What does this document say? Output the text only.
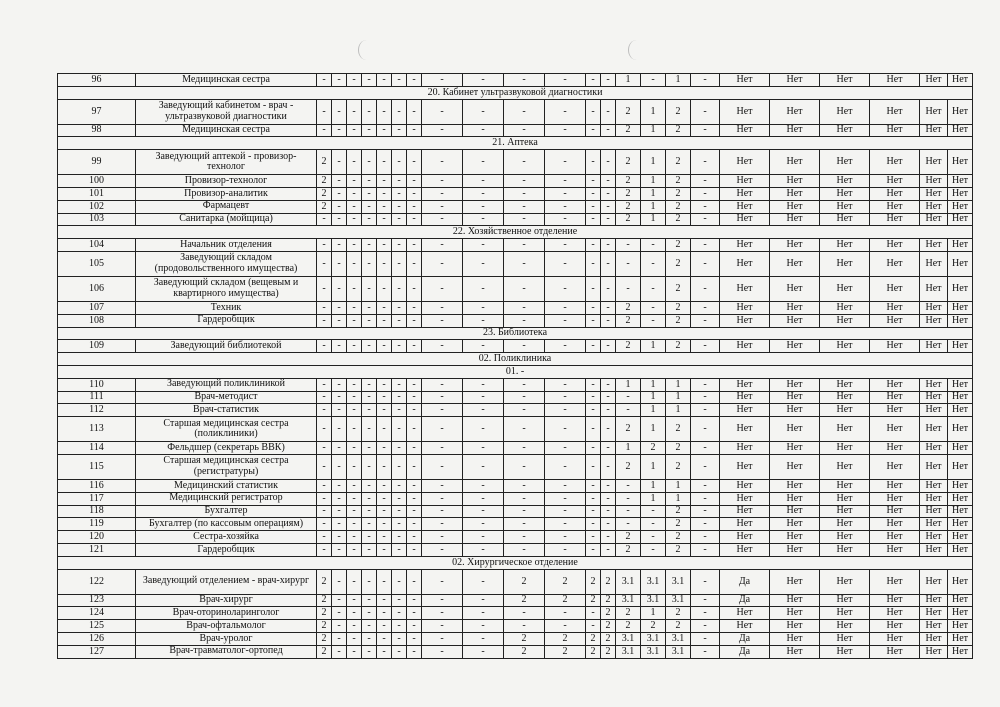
96	Медицинская сестра	-	-	-	-	-	-	-	-	-	-	-	-	-	1	-	1	-	Нет	Нет	Нет	Нет	Нет	Нет
20. Кабинет ультразвуковой диагностики																								
97	Заведующий кабинетом - врач - ультразвуковой диагностики	-	-	-	-	-	-	-	-	-	-	-	-	-	2	1	2	-	Нет	Нет	Нет	Нет	Нет	Нет
98	Медицинская сестра	-	-	-	-	-	-	-	-	-	-	-	-	-	2	1	2	-	Нет	Нет	Нет	Нет	Нет	Нет
21. Аптека																								
99	Заведующий аптекой - провизор-технолог	2	-	-	-	-	-	-	-	-	-	-	-	-	2	1	2	-	Нет	Нет	Нет	Нет	Нет	Нет
100	Провизор-технолог	2	-	-	-	-	-	-	-	-	-	-	-	-	2	1	2	-	Нет	Нет	Нет	Нет	Нет	Нет
101	Провизор-аналитик	2	-	-	-	-	-	-	-	-	-	-	-	-	2	1	2	-	Нет	Нет	Нет	Нет	Нет	Нет
102	Фармацевт	2	-	-	-	-	-	-	-	-	-	-	-	-	2	1	2	-	Нет	Нет	Нет	Нет	Нет	Нет
103	Санитарка (мойщица)	-	-	-	-	-	-	-	-	-	-	-	-	-	2	1	2	-	Нет	Нет	Нет	Нет	Нет	Нет
22. Хозяйственное отделение																								
104	Начальник отделения	-	-	-	-	-	-	-	-	-	-	-	-	-	-	-	2	-	Нет	Нет	Нет	Нет	Нет	Нет
105	Заведующий складом (продовольственного имущества)	-	-	-	-	-	-	-	-	-	-	-	-	-	-	-	2	-	Нет	Нет	Нет	Нет	Нет	Нет
106	Заведующий складом (вещевым и квартирного имущества)	-	-	-	-	-	-	-	-	-	-	-	-	-	-	-	2	-	Нет	Нет	Нет	Нет	Нет	Нет
107	Техник	-	-	-	-	-	-	-	-	-	-	-	-	-	2	-	2	-	Нет	Нет	Нет	Нет	Нет	Нет
108	Гардеробщик	-	-	-	-	-	-	-	-	-	-	-	-	-	2	-	2	-	Нет	Нет	Нет	Нет	Нет	Нет
23. Библиотека																								
109	Заведующий библиотекой	-	-	-	-	-	-	-	-	-	-	-	-	-	2	1	2	-	Нет	Нет	Нет	Нет	Нет	Нет
02. Поликлиника																								
01. -																								
110	Заведующий поликлиникой	-	-	-	-	-	-	-	-	-	-	-	-	-	1	1	1	-	Нет	Нет	Нет	Нет	Нет	Нет
111	Врач-методист	-	-	-	-	-	-	-	-	-	-	-	-	-	-	1	1	-	Нет	Нет	Нет	Нет	Нет	Нет
112	Врач-статистик	-	-	-	-	-	-	-	-	-	-	-	-	-	-	1	1	-	Нет	Нет	Нет	Нет	Нет	Нет
113	Старшая медицинская сестра (поликлиники)	-	-	-	-	-	-	-	-	-	-	-	-	-	2	1	2	-	Нет	Нет	Нет	Нет	Нет	Нет
114	Фельдшер (секретарь ВВК)	-	-	-	-	-	-	-	-	-	-	-	-	-	1	2	2	-	Нет	Нет	Нет	Нет	Нет	Нет
115	Старшая медицинская сестра (регистратуры)	-	-	-	-	-	-	-	-	-	-	-	-	-	2	1	2	-	Нет	Нет	Нет	Нет	Нет	Нет
116	Медицинский статистик	-	-	-	-	-	-	-	-	-	-	-	-	-	-	1	1	-	Нет	Нет	Нет	Нет	Нет	Нет
117	Медицинский регистратор	-	-	-	-	-	-	-	-	-	-	-	-	-	-	1	1	-	Нет	Нет	Нет	Нет	Нет	Нет
118	Бухгалтер	-	-	-	-	-	-	-	-	-	-	-	-	-	-	-	2	-	Нет	Нет	Нет	Нет	Нет	Нет
119	Бухгалтер (по кассовым операциям)	-	-	-	-	-	-	-	-	-	-	-	-	-	-	-	2	-	Нет	Нет	Нет	Нет	Нет	Нет
120	Сестра-хозяйка	-	-	-	-	-	-	-	-	-	-	-	-	-	2	-	2	-	Нет	Нет	Нет	Нет	Нет	Нет
121	Гардеробщик	-	-	-	-	-	-	-	-	-	-	-	-	-	2	-	2	-	Нет	Нет	Нет	Нет	Нет	Нет
02. Хирургическое отделение																								
122	Заведующий отделением - врач-хирург	2	-	-	-	-	-	-	-	-	2	2	2	2	3.1	3.1	3.1	-	Да	Нет	Нет	Нет	Нет	Нет
123	Врач-хирург	2	-	-	-	-	-	-	-	-	2	2	2	2	3.1	3.1	3.1	-	Да	Нет	Нет	Нет	Нет	Нет
124	Врач-оториноларинголог	2	-	-	-	-	-	-	-	-	-	-	-	2	2	1	2	-	Нет	Нет	Нет	Нет	Нет	Нет
125	Врач-офтальмолог	2	-	-	-	-	-	-	-	-	-	-	-	2	2	2	2	-	Нет	Нет	Нет	Нет	Нет	Нет
126	Врач-уролог	2	-	-	-	-	-	-	-	-	2	2	2	2	3.1	3.1	3.1	-	Да	Нет	Нет	Нет	Нет	Нет
127	Врач-травматолог-ортопед	2	-	-	-	-	-	-	-	-	2	2	2	2	3.1	3.1	3.1	-	Да	Нет	Нет	Нет	Нет	Нет
